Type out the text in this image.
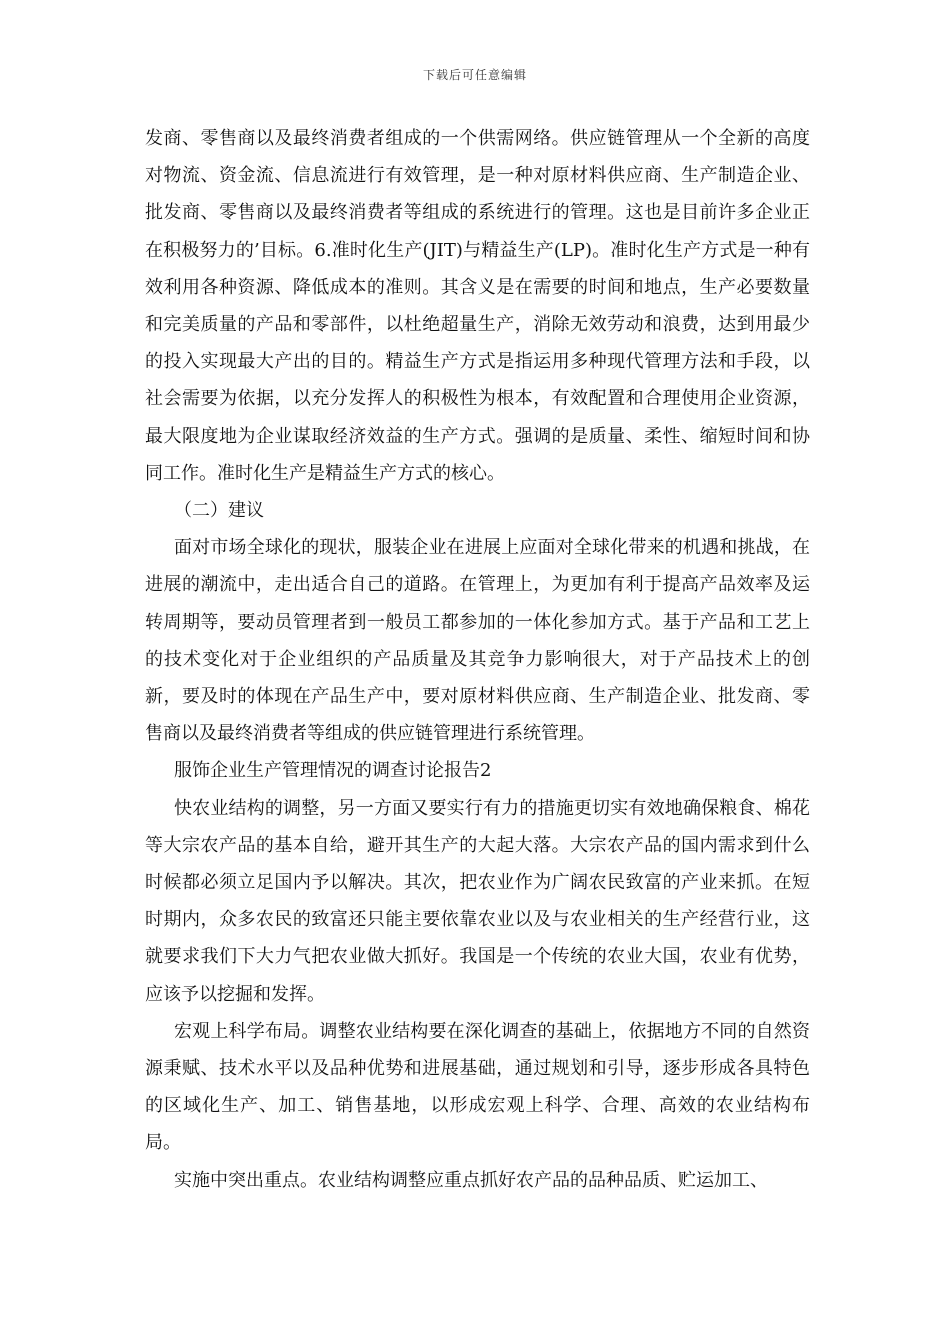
下载后可任意编辑

发商、零售商以及最终消费者组成的一个供需网络。供应链管理从一个全新的高度对物流、资金流、信息流进行有效管理，是一种对原材料供应商、生产制造企业、批发商、零售商以及最终消费者等组成的系统进行的管理。这也是目前许多企业正在积极努力的’目标。6.准时化生产(JIT)与精益生产(LP)。准时化生产方式是一种有效利用各种资源、降低成本的准则。其含义是在需要的时间和地点，生产必要数量和完美质量的产品和零部件，以杜绝超量生产，消除无效劳动和浪费，达到用最少的投入实现最大产出的目的。精益生产方式是指运用多种现代管理方法和手段，以社会需要为依据，以充分发挥人的积极性为根本，有效配置和合理使用企业资源，最大限度地为企业谋取经济效益的生产方式。强调的是质量、柔性、缩短时间和协同工作。准时化生产是精益生产方式的核心。

（二）建议

面对市场全球化的现状，服装企业在进展上应面对全球化带来的机遇和挑战，在进展的潮流中，走出适合自己的道路。在管理上，为更加有利于提高产品效率及运转周期等，要动员管理者到一般员工都参加的一体化参加方式。基于产品和工艺上的技术变化对于企业组织的产品质量及其竞争力影响很大，对于产品技术上的创新，要及时的体现在产品生产中，要对原材料供应商、生产制造企业、批发商、零售商以及最终消费者等组成的供应链管理进行系统管理。

服饰企业生产管理情况的调查讨论报告2

快农业结构的调整，另一方面又要实行有力的措施更切实有效地确保粮食、棉花等大宗农产品的基本自给，避开其生产的大起大落。大宗农产品的国内需求到什么时候都必须立足国内予以解决。其次，把农业作为广阔农民致富的产业来抓。在短时期内，众多农民的致富还只能主要依靠农业以及与农业相关的生产经营行业，这就要求我们下大力气把农业做大抓好。我国是一个传统的农业大国，农业有优势，应该予以挖掘和发挥。

宏观上科学布局。调整农业结构要在深化调查的基础上，依据地方不同的自然资源秉赋、技术水平以及品种优势和进展基础，通过规划和引导，逐步形成各具特色的区域化生产、加工、销售基地，以形成宏观上科学、合理、高效的农业结构布局。

实施中突出重点。农业结构调整应重点抓好农产品的品种品质、贮运加工、
